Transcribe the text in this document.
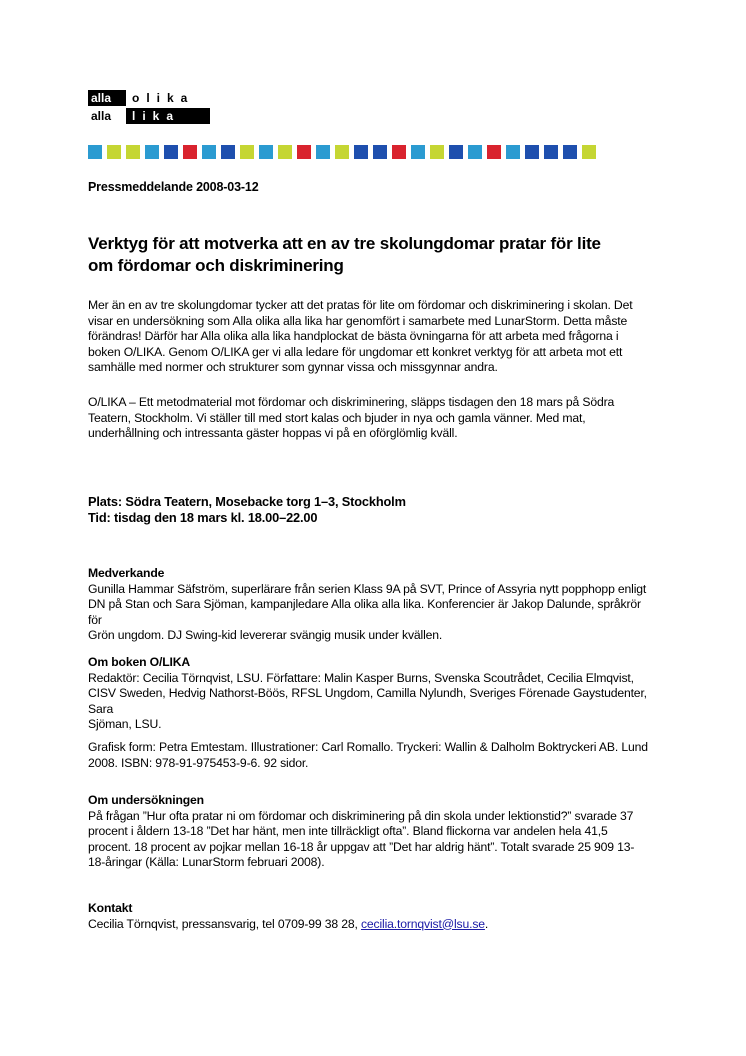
alla	olika
alla	lika
Pressmeddelande 2008-03-12
Verktyg för att motverka att en av tre skolungdomar pratar för lite
om fördomar och diskriminering
Mer än en av tre skolungdomar tycker att det pratas för lite om fördomar och diskriminering i skolan. Det
visar en undersökning som Alla olika alla lika har genomfört i samarbete med LunarStorm. Detta måste
förändras! Därför har Alla olika alla lika handplockat de bästa övningarna för att arbeta med frågorna i
boken O/LIKA. Genom O/LIKA ger vi alla ledare för ungdomar ett konkret verktyg för att arbeta mot ett
samhälle med normer och strukturer som gynnar vissa och missgynnar andra.
O/LIKA – Ett metodmaterial mot fördomar och diskriminering, släpps tisdagen den 18 mars på Södra
Teatern, Stockholm. Vi ställer till med stort kalas och bjuder in nya och gamla vänner. Med mat,
underhållning och intressanta gäster hoppas vi på en oförglömlig kväll.
Plats: Södra Teatern, Mosebacke torg 1–3, Stockholm
Tid: tisdag den 18 mars kl. 18.00–22.00
Medverkande
Gunilla Hammar Säfström, superlärare från serien Klass 9A på SVT, Prince of Assyria nytt popphopp enligt
DN på Stan och Sara Sjöman, kampanjledare Alla olika alla lika. Konferencier är Jakop Dalunde, språkrör för
Grön ungdom. DJ Swing-kid levererar svängig musik under kvällen.
Om boken O/LIKA
Redaktör: Cecilia Törnqvist, LSU. Författare: Malin Kasper Burns, Svenska Scoutrådet, Cecilia Elmqvist,
CISV Sweden, Hedvig Nathorst-Böös, RFSL Ungdom, Camilla Nylundh, Sveriges Förenade Gaystudenter, Sara
Sjöman, LSU.
Grafisk form: Petra Emtestam. Illustrationer: Carl Romallo. Tryckeri: Wallin & Dalholm Boktryckeri AB. Lund
2008. ISBN: 978-91-975453-9-6. 92 sidor.
Om undersökningen
På frågan ”Hur ofta pratar ni om fördomar och diskriminering på din skola under lektionstid?” svarade 37
procent i åldern 13-18 ”Det har hänt, men inte tillräckligt ofta”. Bland flickorna var andelen hela 41,5
procent. 18 procent av pojkar mellan 16-18 år uppgav att ”Det har aldrig hänt”. Totalt svarade 25 909 13-
18-åringar (Källa: LunarStorm februari 2008).
Kontakt
Cecilia Törnqvist, pressansvarig, tel 0709-99 38 28, cecilia.tornqvist@lsu.se.
